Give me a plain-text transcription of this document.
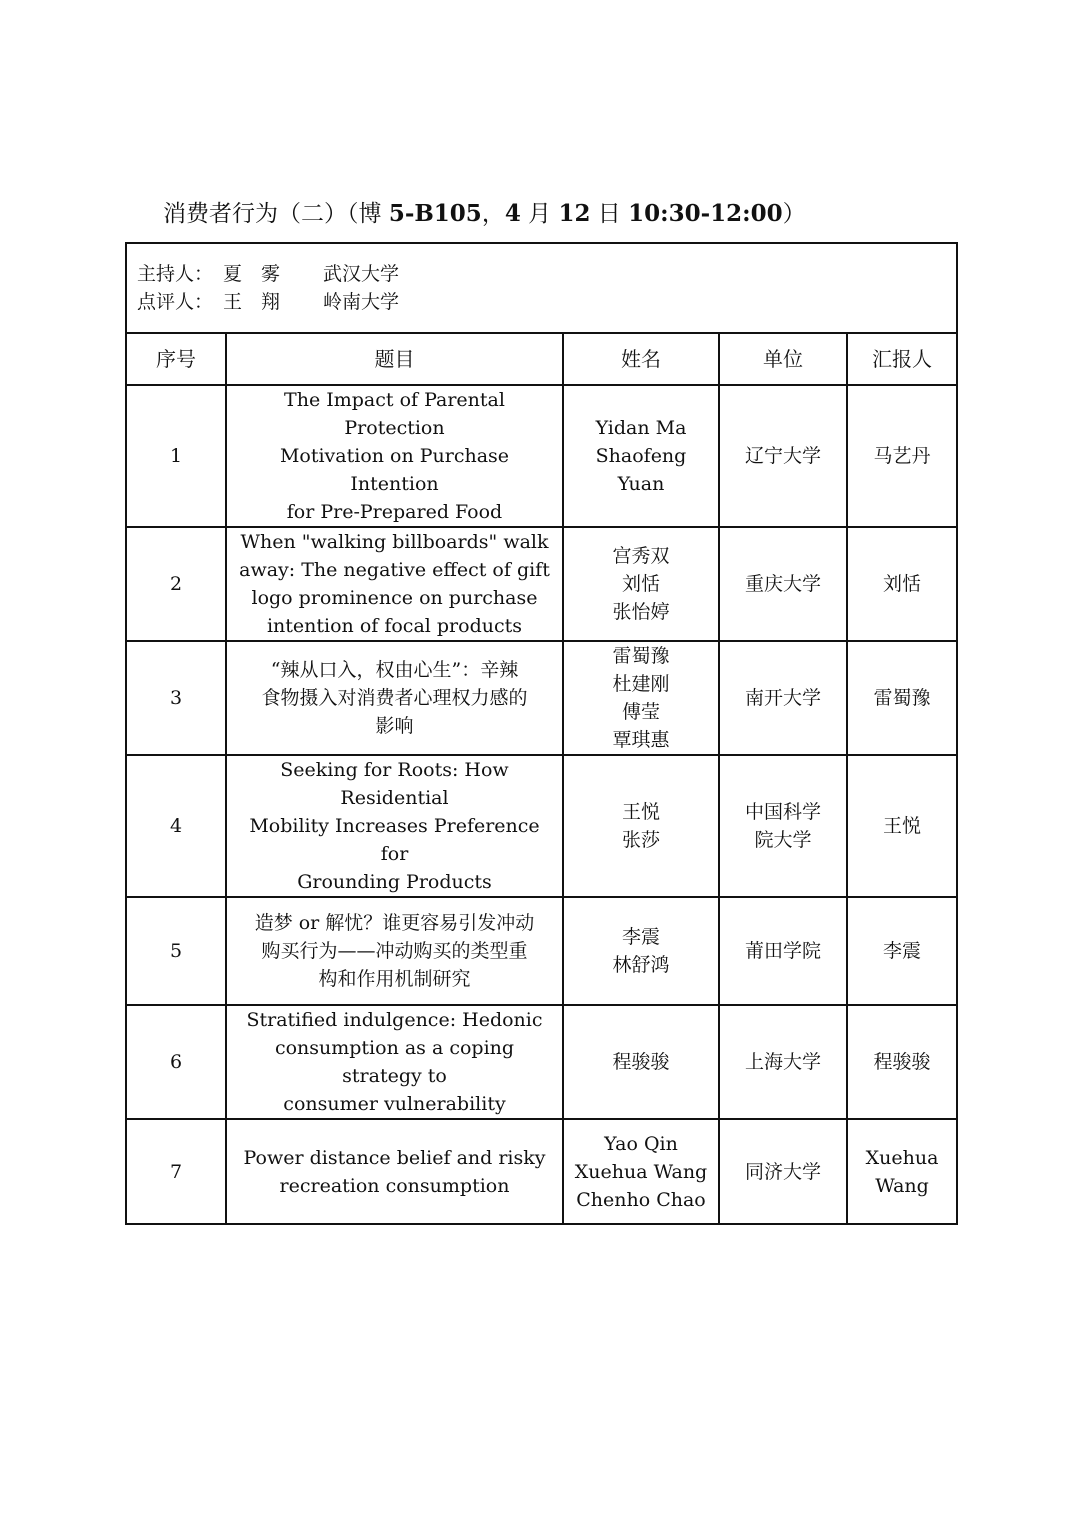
消费者行为（二）（博 5-B105，4 月 12 日 10:30-12:00）
主持人： 夏　雾 武汉大学
点评人： 王　翔 岭南大学				

序号	题目	姓名	单位	汇报人
1	The Impact of Parental Protection
Motivation on Purchase Intention
for Pre-Prepared Food	Yidan Ma
Shaofeng Yuan	辽宁大学	马艺丹

2	When "walking billboards" walk
away: The negative effect of gift
logo prominence on purchase
intention of focal products	宫秀双
刘恬
张怡婷	重庆大学	刘恬

3	“辣从口入，权由心生”：辛辣
食物摄入对消费者心理权力感的
影响	雷蜀豫
杜建刚
傅莹
覃琪惠	南开大学	雷蜀豫

4	Seeking for Roots: How Residential
Mobility Increases Preference for
Grounding Products	王悦
张莎	中国科学
院大学	王悦

5	造梦 or 解忧？谁更容易引发冲动
购买行为——冲动购买的类型重
构和作用机制研究	李震
林舒鸿	莆田学院	李震

6	Stratified indulgence: Hedonic
consumption as a coping strategy to
consumer vulnerability	程骏骏	上海大学	程骏骏

7	Power distance belief and risky
recreation consumption	Yao Qin
Xuehua Wang
Chenho Chao	同济大学	Xuehua
Wang
